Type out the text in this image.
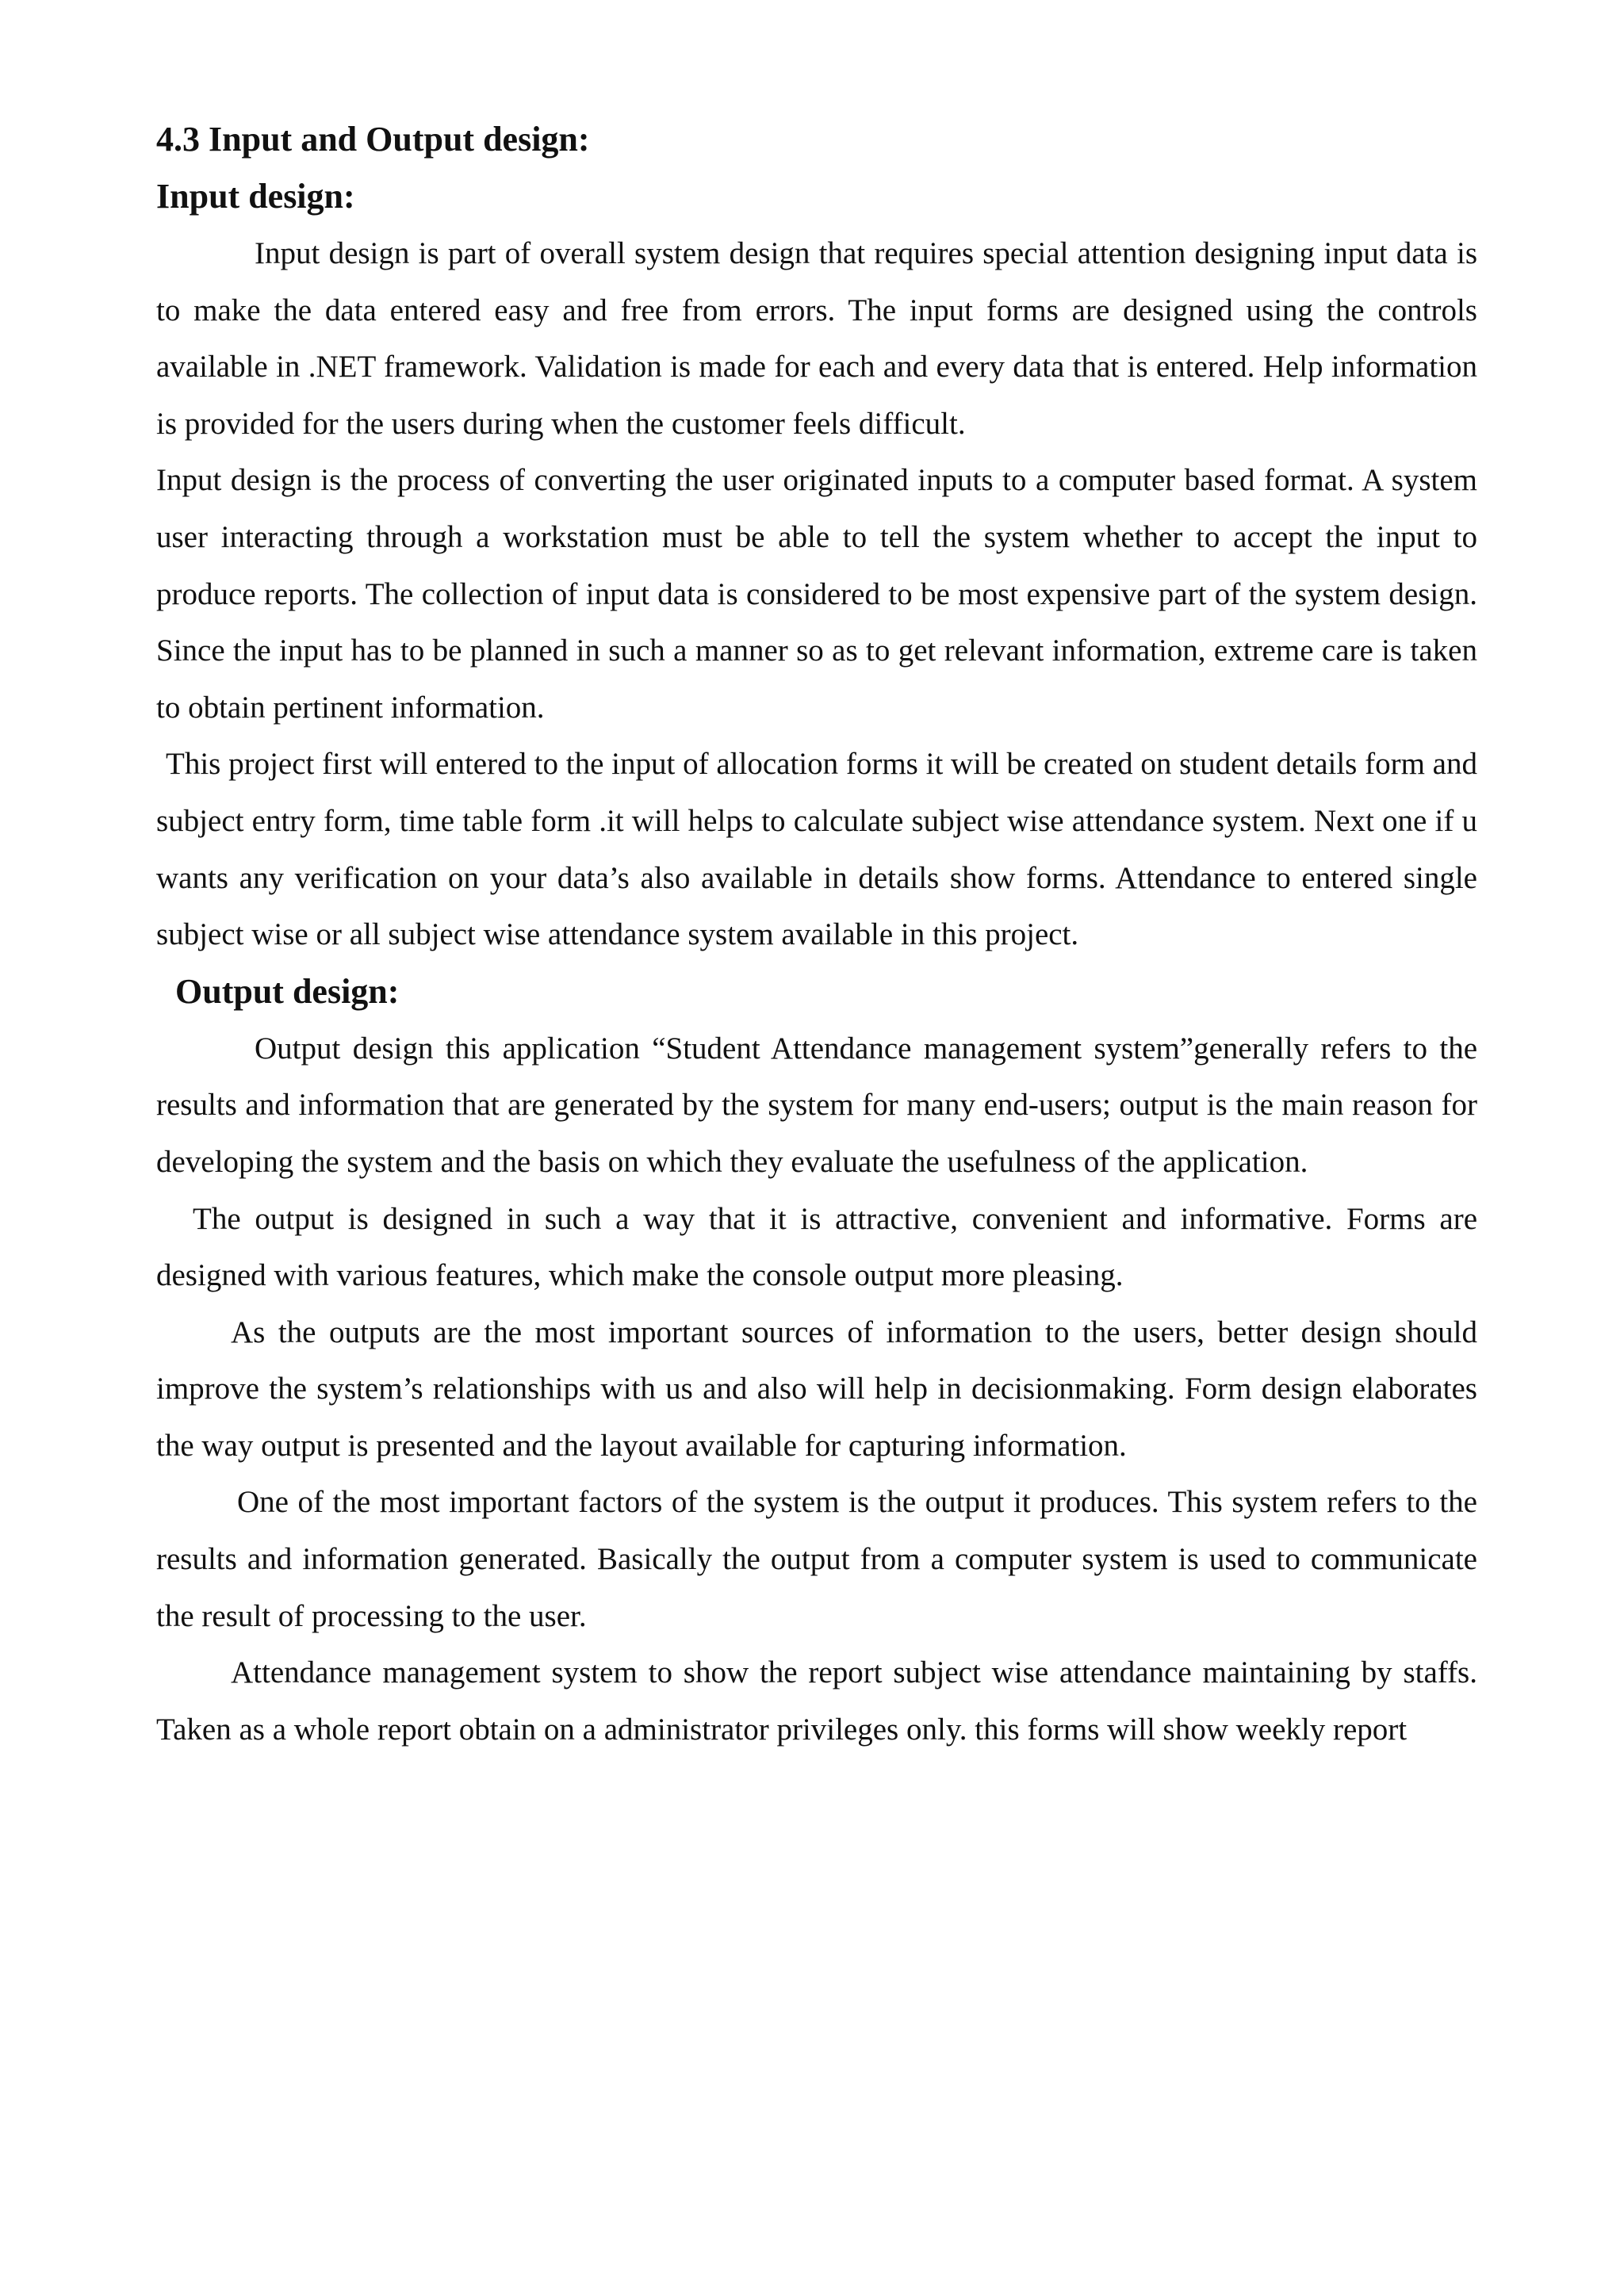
4.3 Input and Output design:
Input design:

Input design is part of overall system design that requires special attention designing input data is to make the data entered easy and free from errors. The input forms are designed using the controls available in .NET framework. Validation is made for each and every data that is entered. Help information is provided for the users during when the customer feels difficult.

Input design is the process of converting the user originated inputs to a computer based format. A system user interacting through a workstation must be able to tell the system whether to accept the input to produce reports. The collection of input data is considered to be most expensive part of the system design. Since the input has to be planned in such a manner so as to get relevant information, extreme care is taken to obtain pertinent information.

This project first will entered to the input of allocation forms it will be created on student details form and subject entry form, time table form .it will helps to calculate subject wise attendance system. Next one if u wants any verification on your data’s also available in details show forms. Attendance to entered single subject wise or all subject wise attendance system available in this project.

Output design:

Output design this application “Student Attendance management system”generally refers to the results and information that are generated by the system for many end-users; output is the main reason for developing the system and the basis on which they evaluate the usefulness of the application.

The output is designed in such a way that it is attractive, convenient and informative. Forms are designed with various features, which make the console output more pleasing.

As the outputs are the most important sources of information to the users, better design should improve the system’s relationships with us and also will help in decisionmaking. Form design elaborates the way output is presented and the layout available for capturing information.

One of the most important factors of the system is the output it produces. This system refers to the results and information generated. Basically the output from a computer system is used to communicate the result of processing to the user.

Attendance management system to show the report subject wise attendance maintaining by staffs. Taken as a whole report obtain on a administrator privileges only. this forms will show weekly report
